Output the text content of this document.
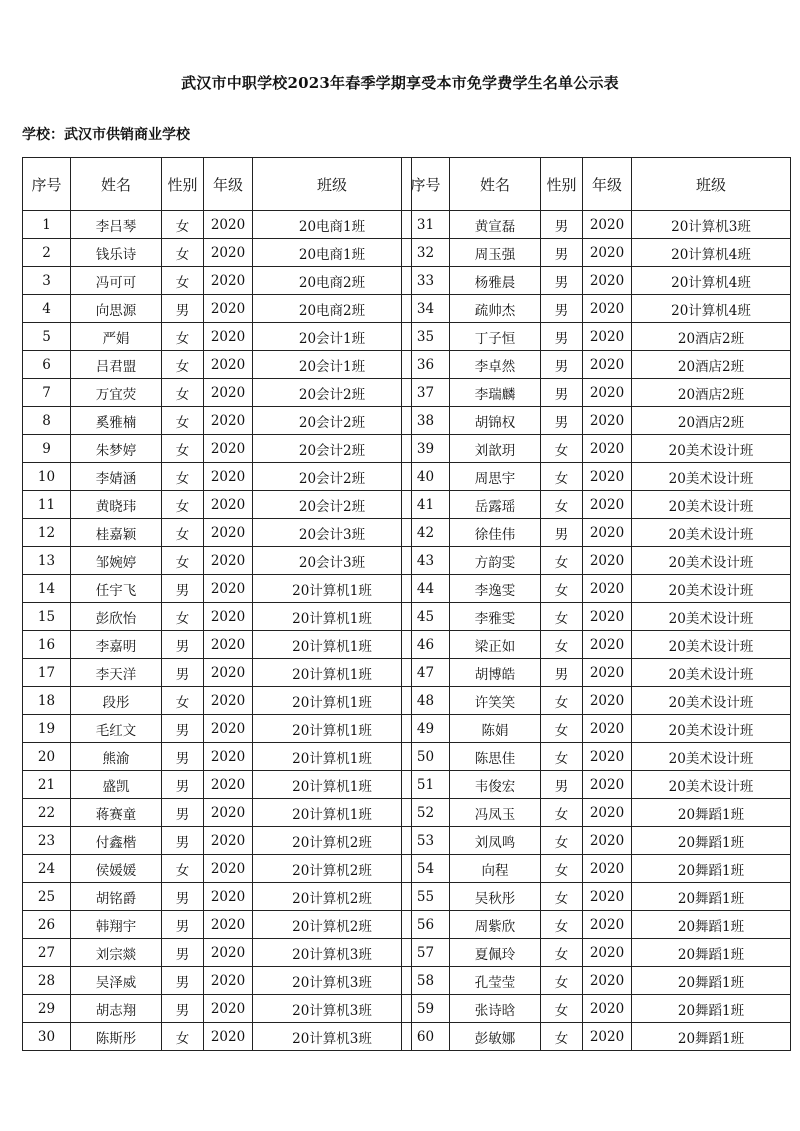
武汉市中职学校2023年春季学期享受本市免学费学生名单公示表
学校：武汉市供销商业学校
序号	姓名	性别	年级	班级
1	李吕琴	女	2020	20电商1班
2	钱乐诗	女	2020	20电商1班
3	冯可可	女	2020	20电商2班
4	向思源	男	2020	20电商2班
5	严娟	女	2020	20会计1班
6	吕君盟	女	2020	20会计1班
7	万宜荧	女	2020	20会计2班
8	奚雅楠	女	2020	20会计2班
9	朱梦婷	女	2020	20会计2班
10	李婧涵	女	2020	20会计2班
11	黄晓玮	女	2020	20会计2班
12	桂嘉颖	女	2020	20会计3班
13	邹婉婷	女	2020	20会计3班
14	任宇飞	男	2020	20计算机1班
15	彭欣怡	女	2020	20计算机1班
16	李嘉明	男	2020	20计算机1班
17	李天洋	男	2020	20计算机1班
18	段彤	女	2020	20计算机1班
19	毛红文	男	2020	20计算机1班
20	熊渝	男	2020	20计算机1班
21	盛凯	男	2020	20计算机1班
22	蒋赛童	男	2020	20计算机1班
23	付鑫楷	男	2020	20计算机2班
24	侯媛媛	女	2020	20计算机2班
25	胡铭爵	男	2020	20计算机2班
26	韩翔宇	男	2020	20计算机2班
27	刘宗燚	男	2020	20计算机3班
28	吴泽威	男	2020	20计算机3班
29	胡志翔	男	2020	20计算机3班
30	陈斯彤	女	2020	20计算机3班
序号	姓名	性别	年级	班级
31	黄宣磊	男	2020	20计算机3班
32	周玉强	男	2020	20计算机4班
33	杨雅晨	男	2020	20计算机4班
34	疏帅杰	男	2020	20计算机4班
35	丁子恒	男	2020	20酒店2班
36	李卓然	男	2020	20酒店2班
37	李瑞麟	男	2020	20酒店2班
38	胡锦权	男	2020	20酒店2班
39	刘歆玥	女	2020	20美术设计班
40	周思宇	女	2020	20美术设计班
41	岳露瑶	女	2020	20美术设计班
42	徐佳伟	男	2020	20美术设计班
43	方韵雯	女	2020	20美术设计班
44	李逸雯	女	2020	20美术设计班
45	李雅雯	女	2020	20美术设计班
46	梁正如	女	2020	20美术设计班
47	胡博皓	男	2020	20美术设计班
48	许笑笑	女	2020	20美术设计班
49	陈娟	女	2020	20美术设计班
50	陈思佳	女	2020	20美术设计班
51	韦俊宏	男	2020	20美术设计班
52	冯凤玉	女	2020	20舞蹈1班
53	刘凤鸣	女	2020	20舞蹈1班
54	向程	女	2020	20舞蹈1班
55	吴秋彤	女	2020	20舞蹈1班
56	周紫欣	女	2020	20舞蹈1班
57	夏佩玲	女	2020	20舞蹈1班
58	孔莹莹	女	2020	20舞蹈1班
59	张诗晗	女	2020	20舞蹈1班
60	彭敏娜	女	2020	20舞蹈1班
